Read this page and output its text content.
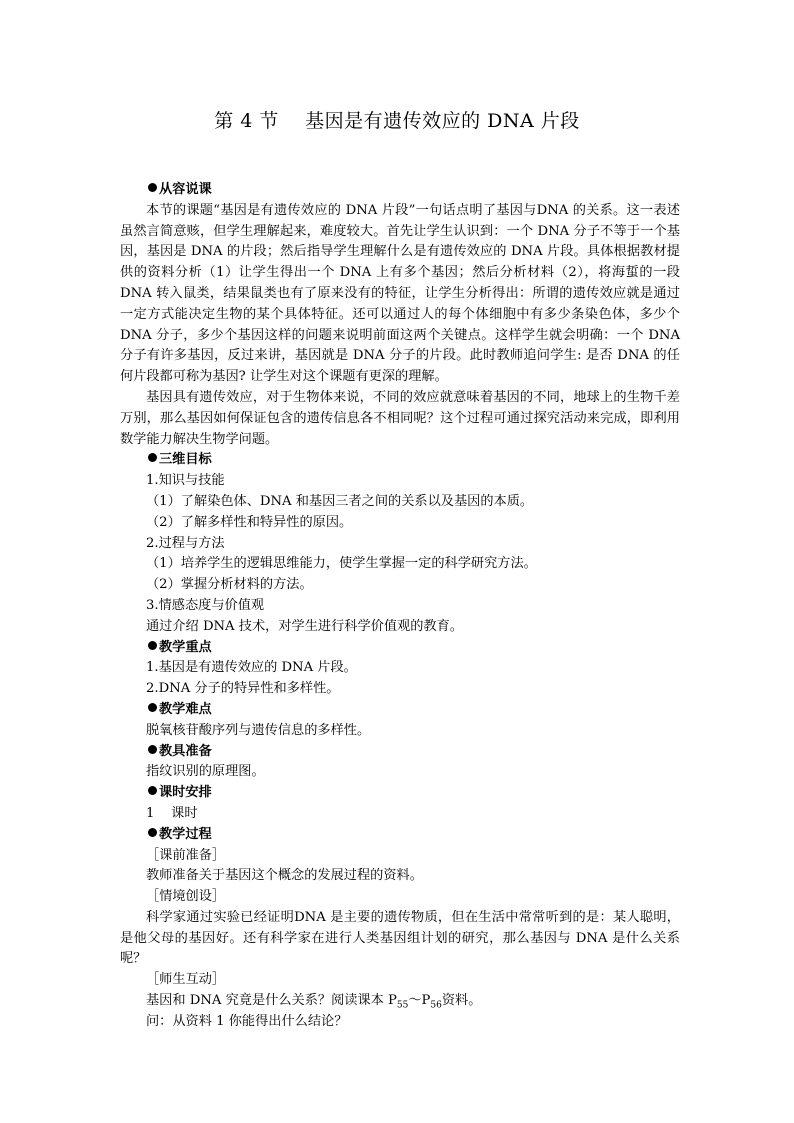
第 4 节    基因是有遗传效应的 DNA 片段

从容说课

本节的课题“基因是有遗传效应的 DNA 片段”一句话点明了基因与DNA 的关系。这一表述虽然言简意赅，但学生理解起来，难度较大。首先让学生认识到：一个 DNA 分子不等于一个基因，基因是 DNA 的片段；然后指导学生理解什么是有遗传效应的 DNA 片段。具体根据教材提供的资料分析（1）让学生得出一个 DNA 上有多个基因；然后分析材料（2），将海蜇的一段 DNA 转入鼠类，结果鼠类也有了原来没有的特征，让学生分析得出：所谓的遗传效应就是通过一定方式能决定生物的某个具体特征。还可以通过人的每个体细胞中有多少条染色体，多少个 DNA 分子，多少个基因这样的问题来说明前面这两个关键点。这样学生就会明确：一个 DNA 分子有许多基因，反过来讲，基因就是 DNA 分子的片段。此时教师追问学生: 是否 DNA 的任何片段都可称为基因? 让学生对这个课题有更深的理解。

基因具有遗传效应，对于生物体来说，不同的效应就意味着基因的不同，地球上的生物千差万别，那么基因如何保证包含的遗传信息各不相同呢？这个过程可通过探究活动来完成，即利用数学能力解决生物学问题。

三维目标

1.知识与技能

（1）了解染色体、DNA 和基因三者之间的关系以及基因的本质。

（2）了解多样性和特异性的原因。

2.过程与方法

（1）培养学生的逻辑思维能力，使学生掌握一定的科学研究方法。

（2）掌握分析材料的方法。

3.情感态度与价值观

通过介绍 DNA 技术，对学生进行科学价值观的教育。

教学重点

1.基因是有遗传效应的 DNA 片段。

2.DNA 分子的特异性和多样性。

教学难点

脱氧核苷酸序列与遗传信息的多样性。

教具准备

指纹识别的原理图。

课时安排

1    课时

教学过程

［课前准备］

教师准备关于基因这个概念的发展过程的资料。

［情境创设］

科学家通过实验已经证明DNA 是主要的遗传物质，但在生活中常常听到的是：某人聪明，是他父母的基因好。还有科学家在进行人类基因组计划的研究，那么基因与 DNA 是什么关系呢？

［师生互动］

基因和 DNA 究竟是什么关系？阅读课本 $P_{55}\sim P_{56}$资料。

问：从资料 1 你能得出什么结论？
